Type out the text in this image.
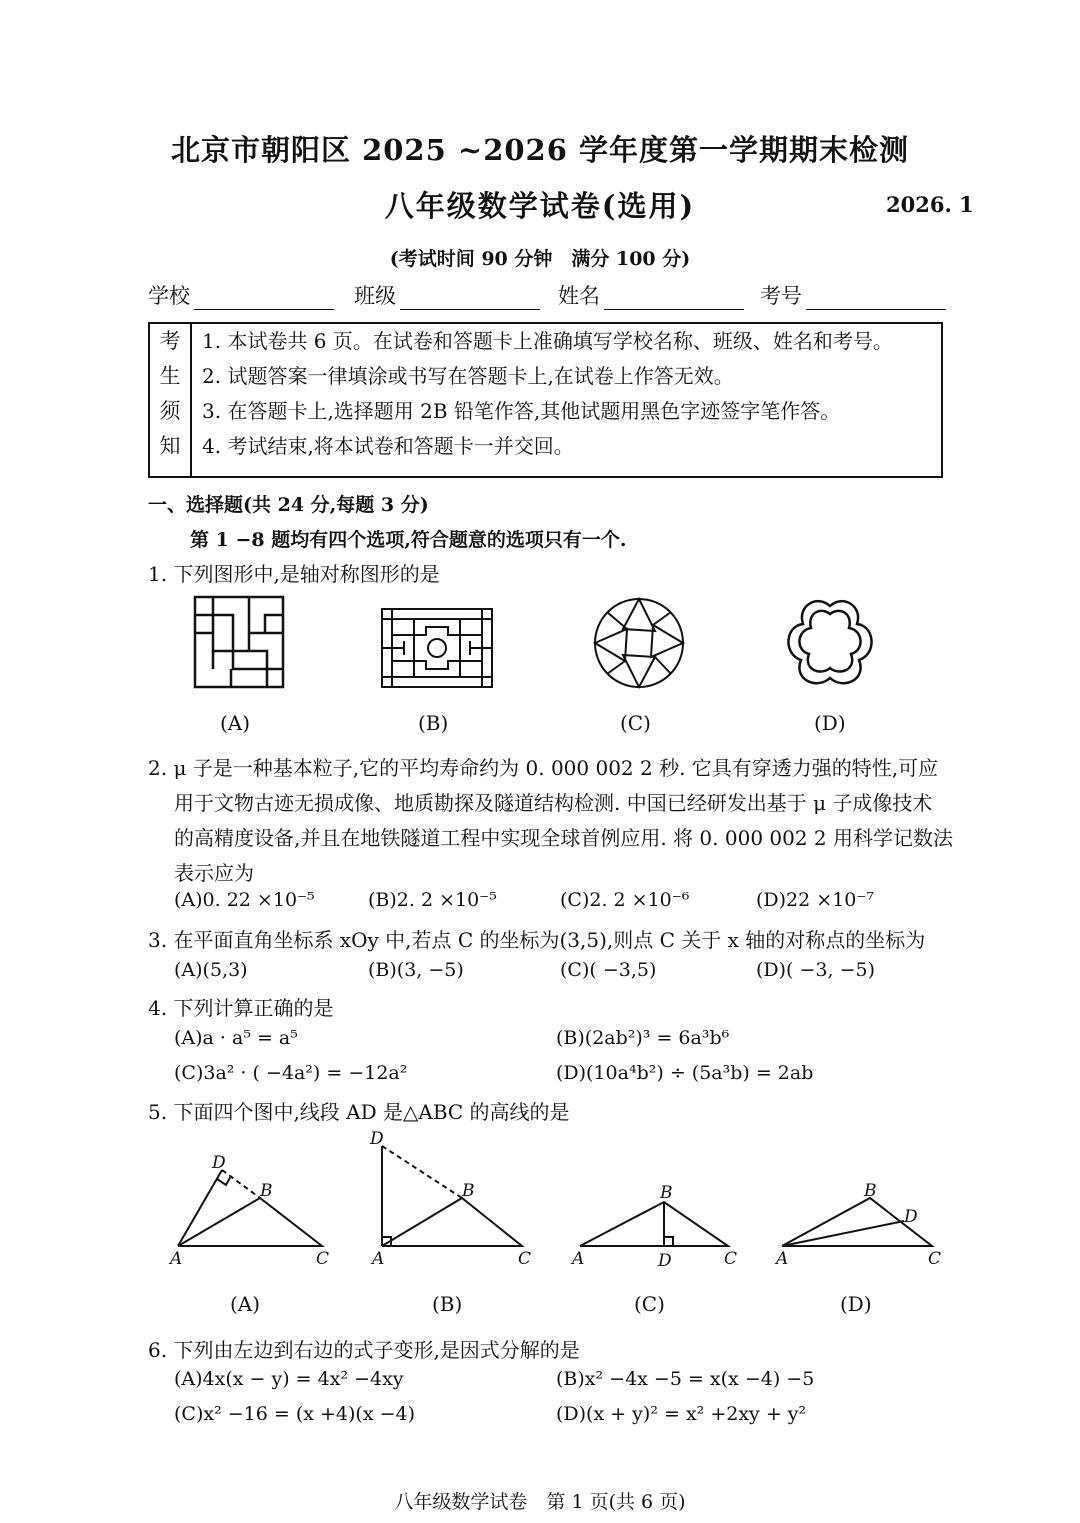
北京市朝阳区 2025 ~2026 学年度第一学期期末检测
八年级数学试卷(选用)	2026. 1
(考试时间 90 分钟　满分 100 分)
学校	班级	姓名	考号
考
生
须
知
1. 本试卷共 6 页。在试卷和答题卡上准确填写学校名称、班级、姓名和考号。
2. 试题答案一律填涂或书写在答题卡上,在试卷上作答无效。
3. 在答题卡上,选择题用 2B 铅笔作答,其他试题用黑色字迹签字笔作答。
4. 考试结束,将本试卷和答题卡一并交回。
一、选择题(共 24 分,每题 3 分)
第 1 −8 题均有四个选项,符合题意的选项只有一个.
1. 下列图形中,是轴对称图形的是
(A)	(B)	(C)	(D)
2. μ 子是一种基本粒子,它的平均寿命约为 0. 000 002 2 秒. 它具有穿透力强的特性,可应
用于文物古迹无损成像、地质勘探及隧道结构检测. 中国已经研发出基于 μ 子成像技术
的高精度设备,并且在地铁隧道工程中实现全球首例应用. 将 0. 000 002 2 用科学记数法
表示应为
(A)0. 22 ×10⁻⁵	(B)2. 2 ×10⁻⁵	(C)2. 2 ×10⁻⁶	(D)22 ×10⁻⁷
3. 在平面直角坐标系 xOy 中,若点 C 的坐标为(3,5),则点 C 关于 x 轴的对称点的坐标为
(A)(5,3)	(B)(3, −5)	(C)( −3,5)	(D)( −3, −5)
4. 下列计算正确的是
(A)a · a⁵ = a⁵	(B)(2ab²)³ = 6a³b⁶
(C)3a² · ( −4a²) = −12a²	(D)(10a⁴b²) ÷ (5a³b) = 2ab
5. 下面四个图中,线段 AD 是△ABC 的高线的是
D
B
A	C
D
B
A	C
B
A	D	C
B
D
A	C
(A)	(B)	(C)	(D)
6. 下列由左边到右边的式子变形,是因式分解的是
(A)4x(x − y) = 4x² −4xy	(B)x² −4x −5 = x(x −4) −5
(C)x² −16 = (x +4)(x −4)	(D)(x + y)² = x² +2xy + y²
八年级数学试卷　第 1 页(共 6 页)
